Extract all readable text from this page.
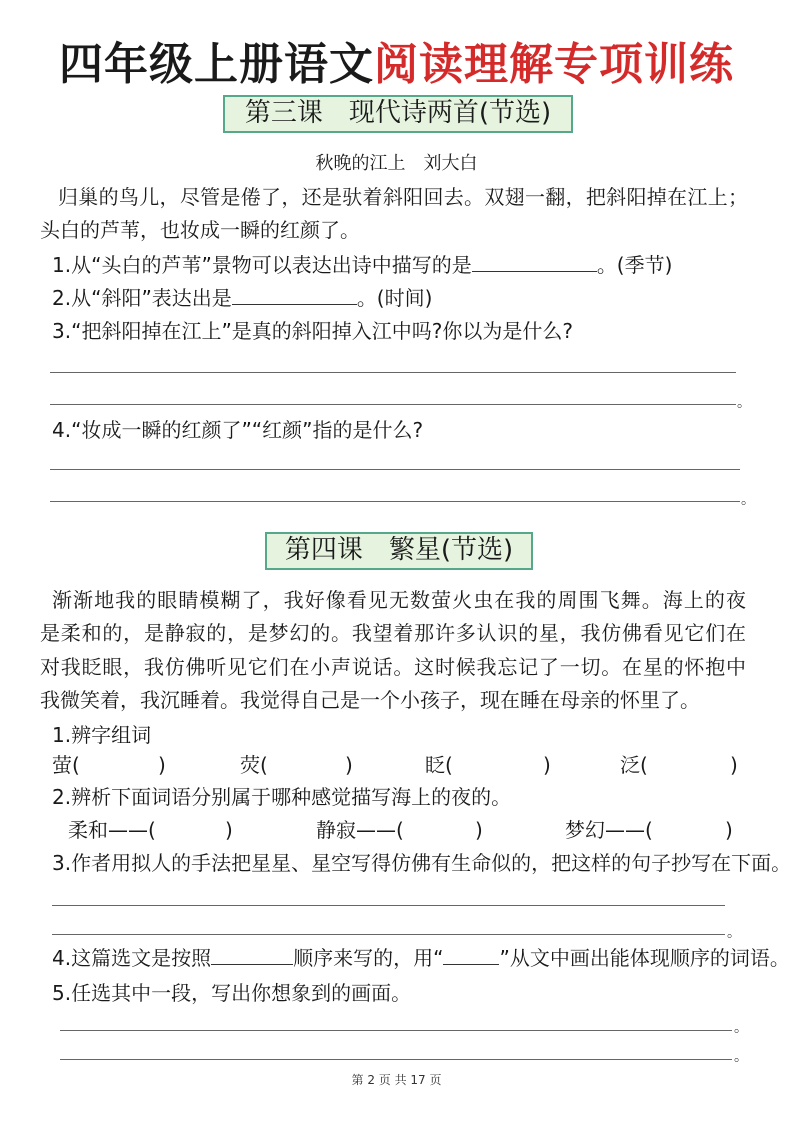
四年级上册语文阅读理解专项训练
第三课　现代诗两首(节选)
秋晚的江上　刘大白
归巢的鸟儿，尽管是倦了，还是驮着斜阳回去。双翅一翻，把斜阳掉在江上；
头白的芦苇，也妆成一瞬的红颜了。
1.从“头白的芦苇”景物可以表达出诗中描写的是	。(季节)
2.从“斜阳”表达出是	。(时间)
3.“把斜阳掉在江上”是真的斜阳掉入江中吗?你以为是什么?
。
4.“妆成一瞬的红颜了”“红颜”指的是什么?
。
第四课　繁星(节选)
渐渐地我的眼睛模糊了，我好像看见无数萤火虫在我的周围飞舞。海上的夜
是柔和的，是静寂的，是梦幻的。我望着那许多认识的星，我仿佛看见它们在
对我眨眼，我仿佛听见它们在小声说话。这时候我忘记了一切。在星的怀抱中
我微笑着，我沉睡着。我觉得自己是一个小孩子，现在睡在母亲的怀里了。
1.辨字组词
萤(	)	荧(	)	眨(	)	泛(	)
2.辨析下面词语分别属于哪种感觉描写海上的夜的。
柔和——(	)	静寂——(	)	梦幻——(	)
3.作者用拟人的手法把星星、星空写得仿佛有生命似的，把这样的句子抄写在下面。
。
4.这篇选文是按照	顺序来写的，用“	”从文中画出能体现顺序的词语。
5.任选其中一段，写出你想象到的画面。
。
。
第 2 页 共 17 页
